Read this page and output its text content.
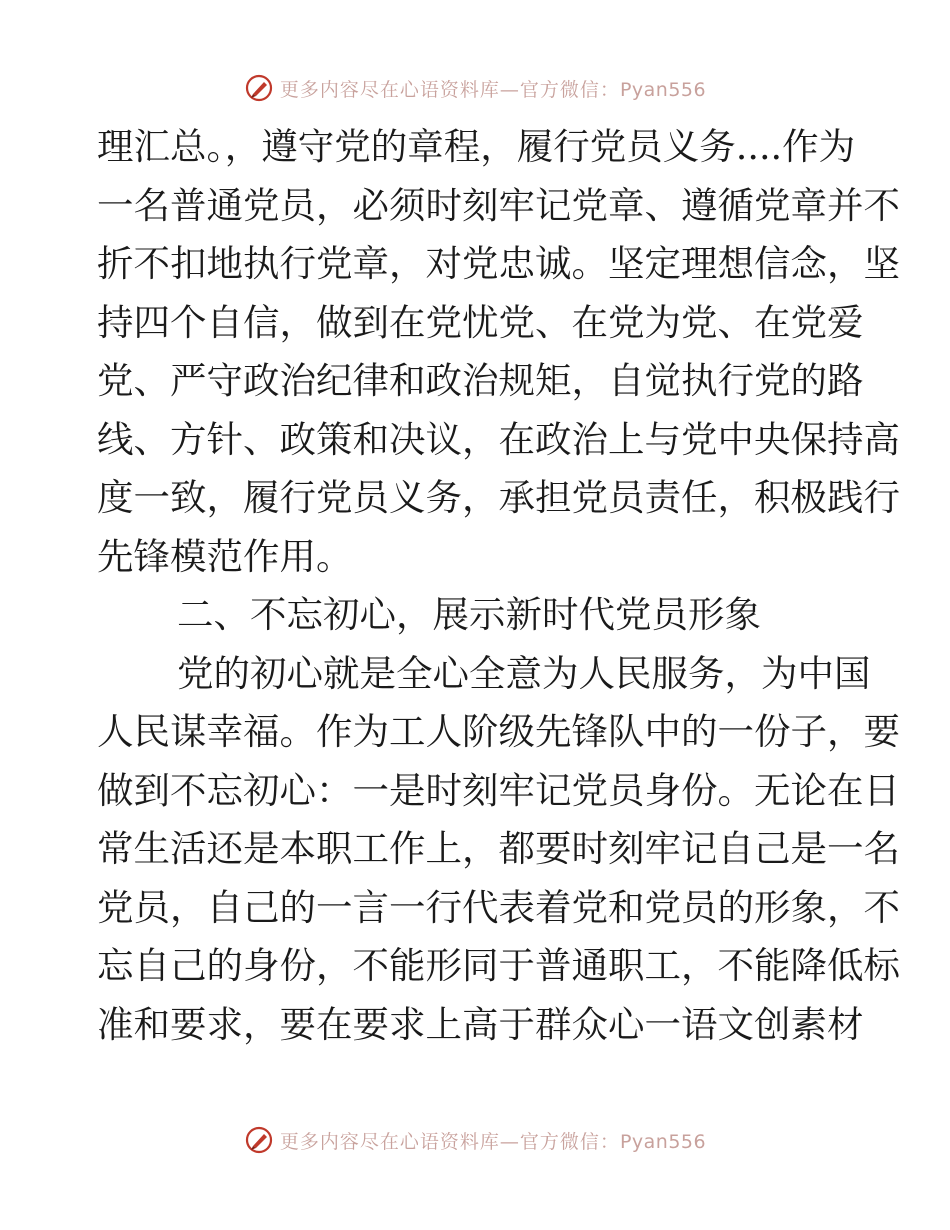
更多内容尽在心语资料库—官方微信：Pyan556
理汇总。，遵守党的章程，履行党员义务....作为
一名普通党员，必须时刻牢记党章、遵循党章并不
折不扣地执行党章，对党忠诚。坚定理想信念，坚
持四个自信，做到在党忧党、在党为党、在党爱
党、严守政治纪律和政治规矩，自觉执行党的路
线、方针、政策和决议，在政治上与党中央保持高
度一致，履行党员义务，承担党员责任，积极践行
先锋模范作用。
二、不忘初心，展示新时代党员形象
党的初心就是全心全意为人民服务，为中国
人民谋幸福。作为工人阶级先锋队中的一份子，要
做到不忘初心：一是时刻牢记党员身份。无论在日
常生活还是本职工作上，都要时刻牢记自己是一名
党员，自己的一言一行代表着党和党员的形象，不
忘自己的身份，不能形同于普通职工，不能降低标
准和要求，要在要求上高于群众心一语文创素材
更多内容尽在心语资料库—官方微信：Pyan556
